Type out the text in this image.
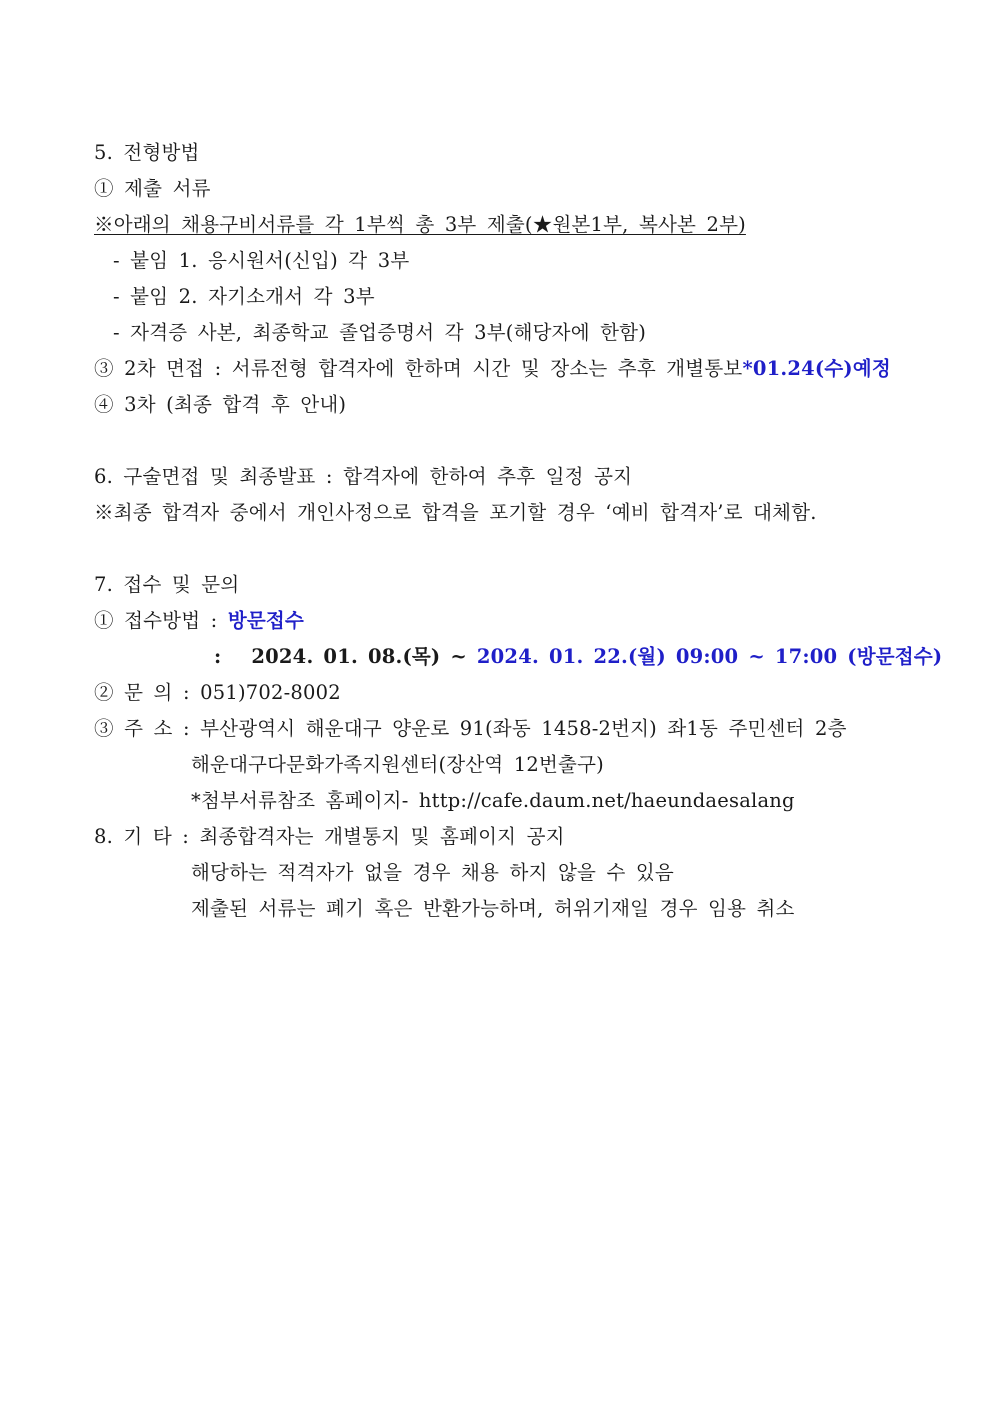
5. 전형방법
① 제출 서류
※아래의 채용구비서류를 각 1부씩 총 3부 제출(★원본1부, 복사본 2부)
- 붙임 1. 응시원서(신입) 각 3부
- 붙임 2. 자기소개서 각 3부
- 자격증 사본, 최종학교 졸업증명서 각 3부(해당자에 한함)
③ 2차 면접 : 서류전형 합격자에 한하며 시간 및 장소는 추후 개별통보*01.24(수)예정
④ 3차 (최종 합격 후 안내)
6. 구술면접 및 최종발표 : 합격자에 한하여 추후 일정 공지
※최종 합격자 중에서 개인사정으로 합격을 포기할 경우 ‘예비 합격자’로 대체함.
7. 접수 및 문의
① 접수방법 : 방문접수
: 2024. 01. 08.(목) ~ 2024. 01. 22.(월) 09:00 ~ 17:00 (방문접수)
② 문 의 : 051)702-8002
③ 주 소 : 부산광역시 해운대구 양운로 91(좌동 1458-2번지) 좌1동 주민센터 2층
해운대구다문화가족지원센터(장산역 12번출구)
*첨부서류참조 홈페이지- http://cafe.daum.net/haeundaesalang
8. 기 타 : 최종합격자는 개별통지 및 홈페이지 공지
해당하는 적격자가 없을 경우 채용 하지 않을 수 있음
제출된 서류는 폐기 혹은 반환가능하며, 허위기재일 경우 임용 취소
